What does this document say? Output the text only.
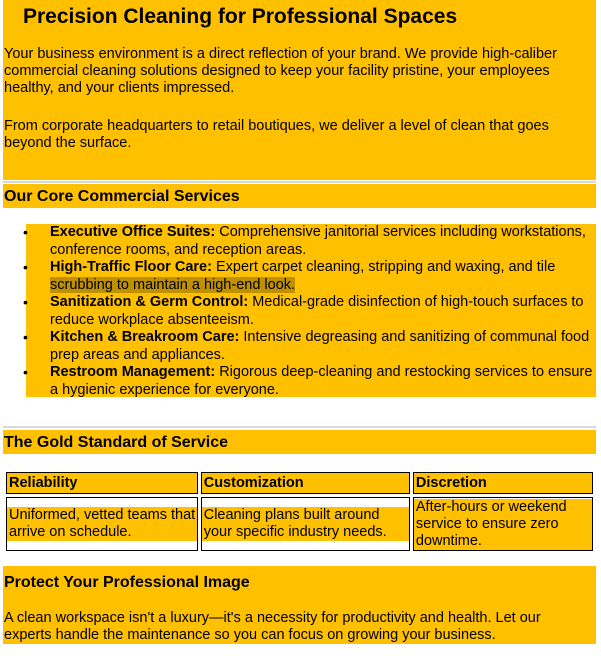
Precision Cleaning for Professional Spaces

Your business environment is a direct reflection of your brand. We provide high-caliber commercial cleaning solutions designed to keep your facility pristine, your employees healthy, and your clients impressed.

From corporate headquarters to retail boutiques, we deliver a level of clean that goes beyond the surface.

Our Core Commercial Services
• Executive Office Suites: Comprehensive janitorial services including workstations, conference rooms, and reception areas.
• High-Traffic Floor Care: Expert carpet cleaning, stripping and waxing, and tile scrubbing to maintain a high-end look.
• Sanitization & Germ Control: Medical-grade disinfection of high-touch surfaces to reduce workplace absenteeism.
• Kitchen & Breakroom Care: Intensive degreasing and sanitizing of communal food prep areas and appliances.
• Restroom Management: Rigorous deep-cleaning and restocking services to ensure a hygienic experience for everyone.
The Gold Standard of Service
Reliability	Customization	Discretion

Uniformed, vetted teams that arrive on schedule.	Cleaning plans built around your specific industry needs.	After-hours or weekend service to ensure zero downtime.
Protect Your Professional Image

A clean workspace isn't a luxury—it's a necessity for productivity and health. Let our experts handle the maintenance so you can focus on growing your business.
